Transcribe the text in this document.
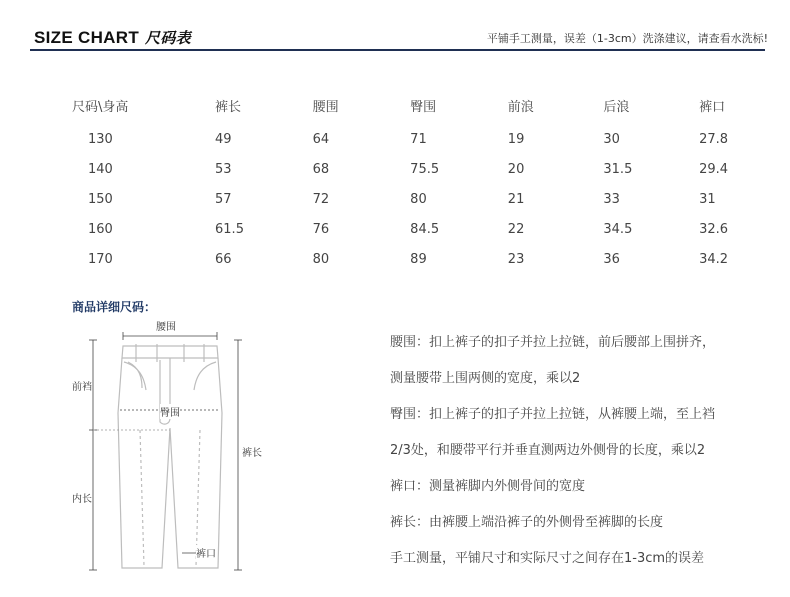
SIZE CHART 尺码表	平铺手工测量，误差（1-3cm）洗涤建议，请查看水洗标!
尺码\身高	裤长	腰围	臀围	前浪	后浪	裤口
130	49	64	71	19	30	27.8
140	53	68	75.5	20	31.5	29.4
150	57	72	80	21	33	31
160	61.5	76	84.5	22	34.5	32.6
170	66	80	89	23	36	34.2
商品详细尺码：
腰围
前裆
臀围
裤长
内长
裤口
腰围：扣上裤子的扣子并拉上拉链，前后腰部上围拼齐，
测量腰带上围两侧的宽度，乘以2
臀围：扣上裤子的扣子并拉上拉链，从裤腰上端，至上裆
2/3处，和腰带平行并垂直测两边外侧骨的长度，乘以2
裤口：测量裤脚内外侧骨间的宽度
裤长：由裤腰上端沿裤子的外侧骨至裤脚的长度
手工测量，平铺尺寸和实际尺寸之间存在1-3cm的误差
